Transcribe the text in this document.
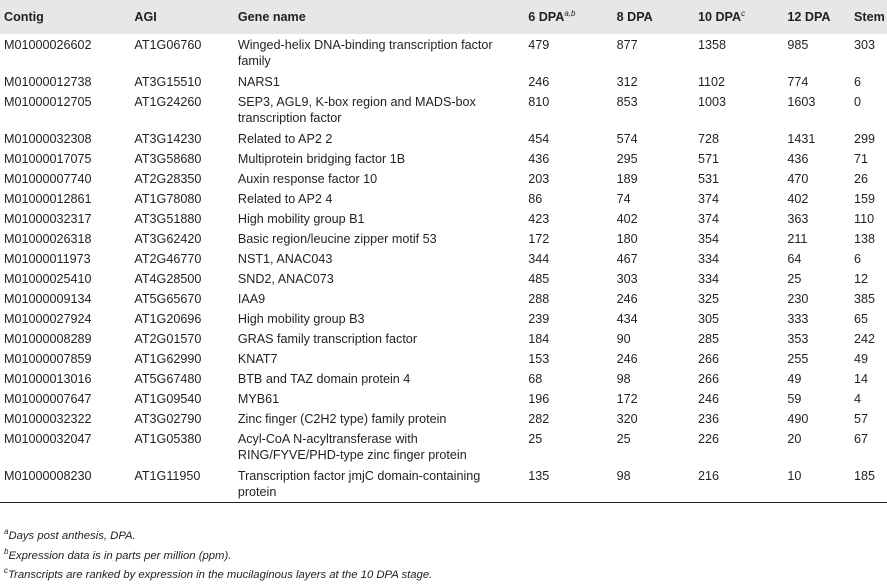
Contig	AGI	Gene name	6 DPA$^{a,b}$	8 DPA	10 DPA$^c$	12 DPA	Stem
M01000026602	AT1G06760	Winged-helix DNA-binding transcription factor family	479	877	1358	985	303
M01000012738	AT3G15510	NARS1	246	312	1102	774	6
M01000012705	AT1G24260	SEP3, AGL9, K-box region and MADS-box transcription factor	810	853	1003	1603	0
M01000032308	AT3G14230	Related to AP2 2	454	574	728	1431	299
M01000017075	AT3G58680	Multiprotein bridging factor 1B	436	295	571	436	71
M01000007740	AT2G28350	Auxin response factor 10	203	189	531	470	26
M01000012861	AT1G78080	Related to AP2 4	86	74	374	402	159
M01000032317	AT3G51880	High mobility group B1	423	402	374	363	110
M01000026318	AT3G62420	Basic region/leucine zipper motif 53	172	180	354	211	138
M01000011973	AT2G46770	NST1, ANAC043	344	467	334	64	6
M01000025410	AT4G28500	SND2, ANAC073	485	303	334	25	12
M01000009134	AT5G65670	IAA9	288	246	325	230	385
M01000027924	AT1G20696	High mobility group B3	239	434	305	333	65
M01000008289	AT2G01570	GRAS family transcription factor	184	90	285	353	242
M01000007859	AT1G62990	KNAT7	153	246	266	255	49
M01000013016	AT5G67480	BTB and TAZ domain protein 4	68	98	266	49	14
M01000007647	AT1G09540	MYB61	196	172	246	59	4
M01000032322	AT3G02790	Zinc finger (C2H2 type) family protein	282	320	236	490	57
M01000032047	AT1G05380	Acyl-CoA N-acyltransferase with RING/FYVE/PHD-type zinc finger protein	25	25	226	20	67
M01000008230	AT1G11950	Transcription factor jmjC domain-containing protein	135	98	216	10	185
$^a$Days post anthesis, DPA.
$^b$Expression data is in parts per million (ppm).
$^c$Transcripts are ranked by expression in the mucilaginous layers at the 10 DPA stage.
